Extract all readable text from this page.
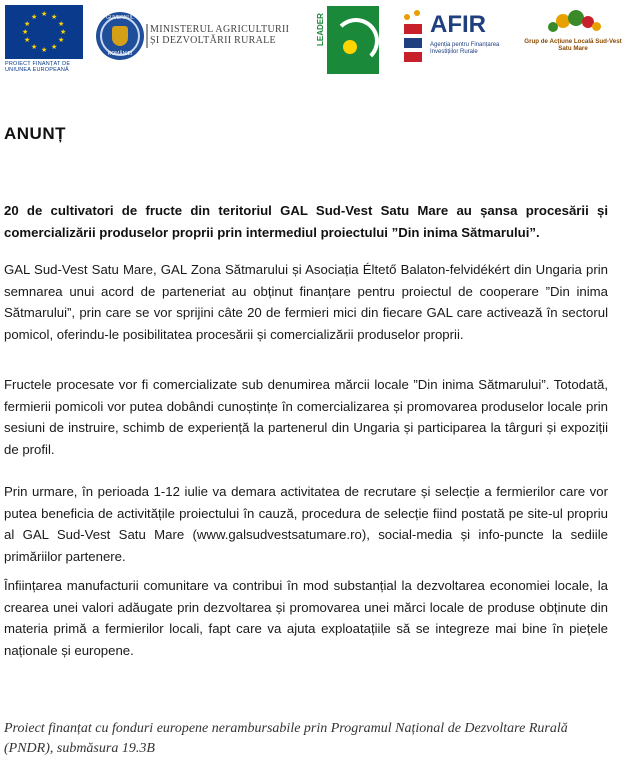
★ ★
★
★
★
★
★
★
★
★
★
★
PROIECT FINANȚAT DE UNIUNEA EUROPEANĂ
GUVERNUL
ROMÂNIEI
MINISTERUL AGRICULTURII
ȘI DEZVOLTĂRII RURALE	LEADER	AFIR
Agenția pentru Finanțarea Investițiilor Rurale
Grup de Acțiune Locală Sud-Vest Satu Mare
ANUNȚ
20 de cultivatori de fructe din teritoriul GAL Sud-Vest Satu Mare au șansa procesării și comercializării produselor proprii prin intermediul proiectului ”Din inima Sătmarului”.
GAL Sud-Vest Satu Mare, GAL Zona Sătmarului și Asociația Éltető Balaton-felvidékért din Ungaria prin semnarea unui acord de parteneriat au obținut finanțare pentru proiectul de cooperare ”Din inima Sătmarului”, prin care se vor sprijini câte 20 de fermieri mici din fiecare GAL care activează în sectorul pomicol, oferindu-le posibilitatea procesării și comercializării produselor proprii.
Fructele procesate vor fi comercializate sub denumirea mărcii locale ”Din inima Sătmarului”. Totodată, fermierii pomicoli vor putea dobândi cunoștințe în comercializarea și promovarea produselor locale prin sesiuni de instruire, schimb de experiență la partenerul din Ungaria și participarea la târguri și expoziții de profil.
Prin urmare, în perioada 1-12 iulie va demara activitatea de recrutare și selecție a fermierilor care vor putea beneficia de activitățile proiectului în cauză, procedura de selecție fiind postată pe site-ul propriu al GAL Sud-Vest Satu Mare (www.galsudvestsatumare.ro), social-media și info-puncte la sediile primăriilor partenere.
Înființarea manufacturii comunitare va contribui în mod substanțial la dezvoltarea economiei locale, la crearea unei valori adăugate prin dezvoltarea și promovarea unei mărci locale de produse obținute din materia primă a fermierilor locali, fapt care va ajuta exploatațiile să se integreze mai bine în piețele naționale și europene.
Proiect finanțat cu fonduri europene nerambursabile prin Programul Național de Dezvoltare Rurală (PNDR), submăsura 19.3B
